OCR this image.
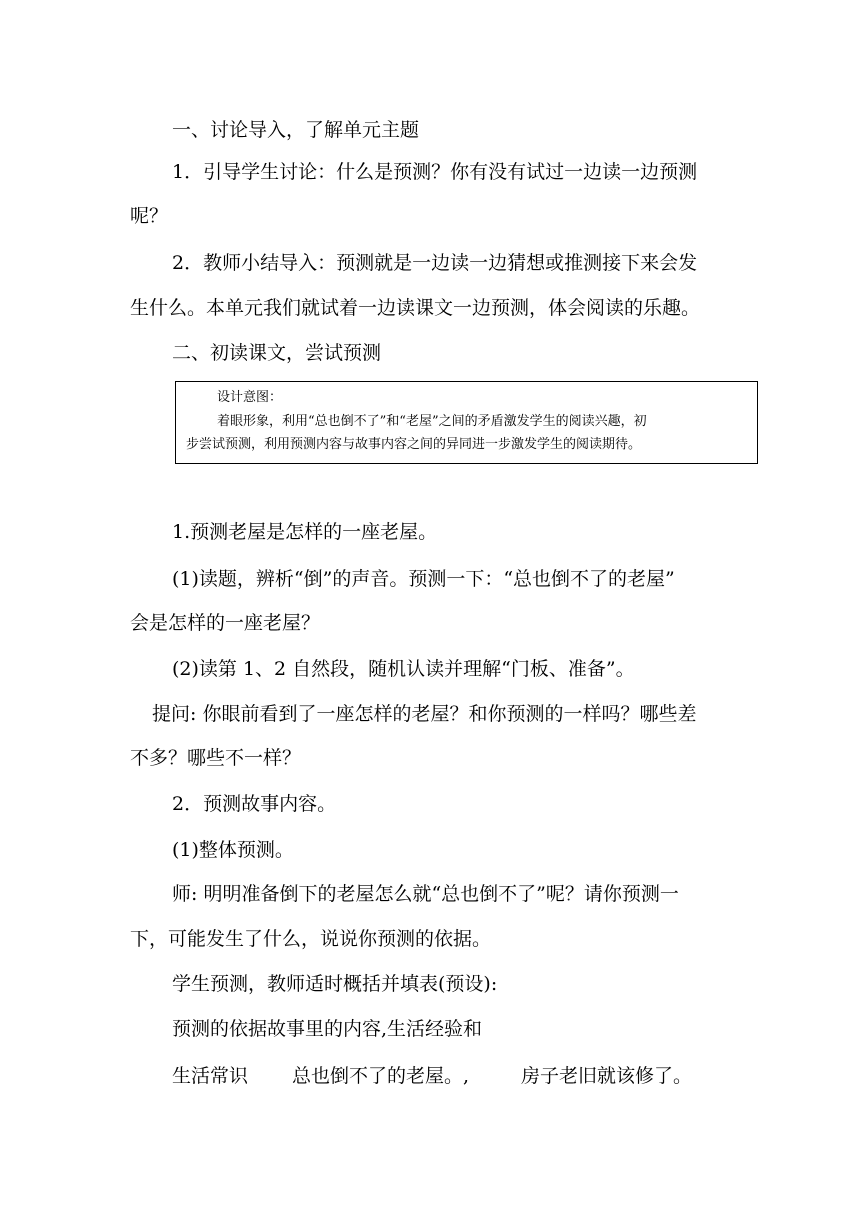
一、讨论导入，了解单元主题
1．引导学生讨论：什么是预测？你有没有试过一边读一边预测
呢？
2．教师小结导入：预测就是一边读一边猜想或推测接下来会发
生什么。本单元我们就试着一边读课文一边预测，体会阅读的乐趣。
二、初读课文，尝试预测
设计意图：
着眼形象，利用“总也倒不了”和“老屋”之间的矛盾激发学生的阅读兴趣，初
步尝试预测，利用预测内容与故事内容之间的异同进一步激发学生的阅读期待。
1.预测老屋是怎样的一座老屋。
(1)读题，辨析“倒”的声音。预测一下：“总也倒不了的老屋”
会是怎样的一座老屋？
(2)读第 1、2 自然段，随机认读并理解“门板、准备”。
提问: 你眼前看到了一座怎样的老屋？和你预测的一样吗？哪些差
不多？哪些不一样？
2．预测故事内容。
(1)整体预测。
师: 明明准备倒下的老屋怎么就“总也倒不了”呢？请你预测一
下，可能发生了什么，说说你预测的依据。
学生预测，教师适时概括并填表(预设):
预测的依据故事里的内容,生活经验和
生活常识 总也倒不了的老屋。,	房子老旧就该修了。
